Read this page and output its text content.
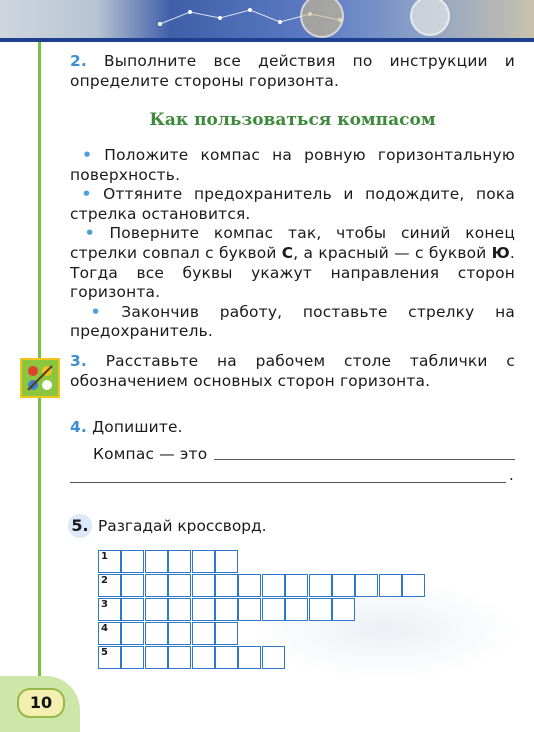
2. Выполните все действия по инструкции и определите стороны горизонта.

Как пользоваться компасом

• Положите компас на ровную горизонтальную поверхность.

• Оттяните предохранитель и подождите, пока стрелка остановится.

• Поверните компас так, чтобы синий конец стрелки совпал с буквой С, а красный — с буквой Ю. Тогда все буквы укажут направления сторон горизонта.

• Закончив работу, поставьте стрелку на предохранитель.

3. Расставьте на рабочем столе таблички с обозначением основных сторон горизонта.

4. Допишите.

Компас — это

.
5. Разгадай кроссворд.
1
2
3
4
5
10
